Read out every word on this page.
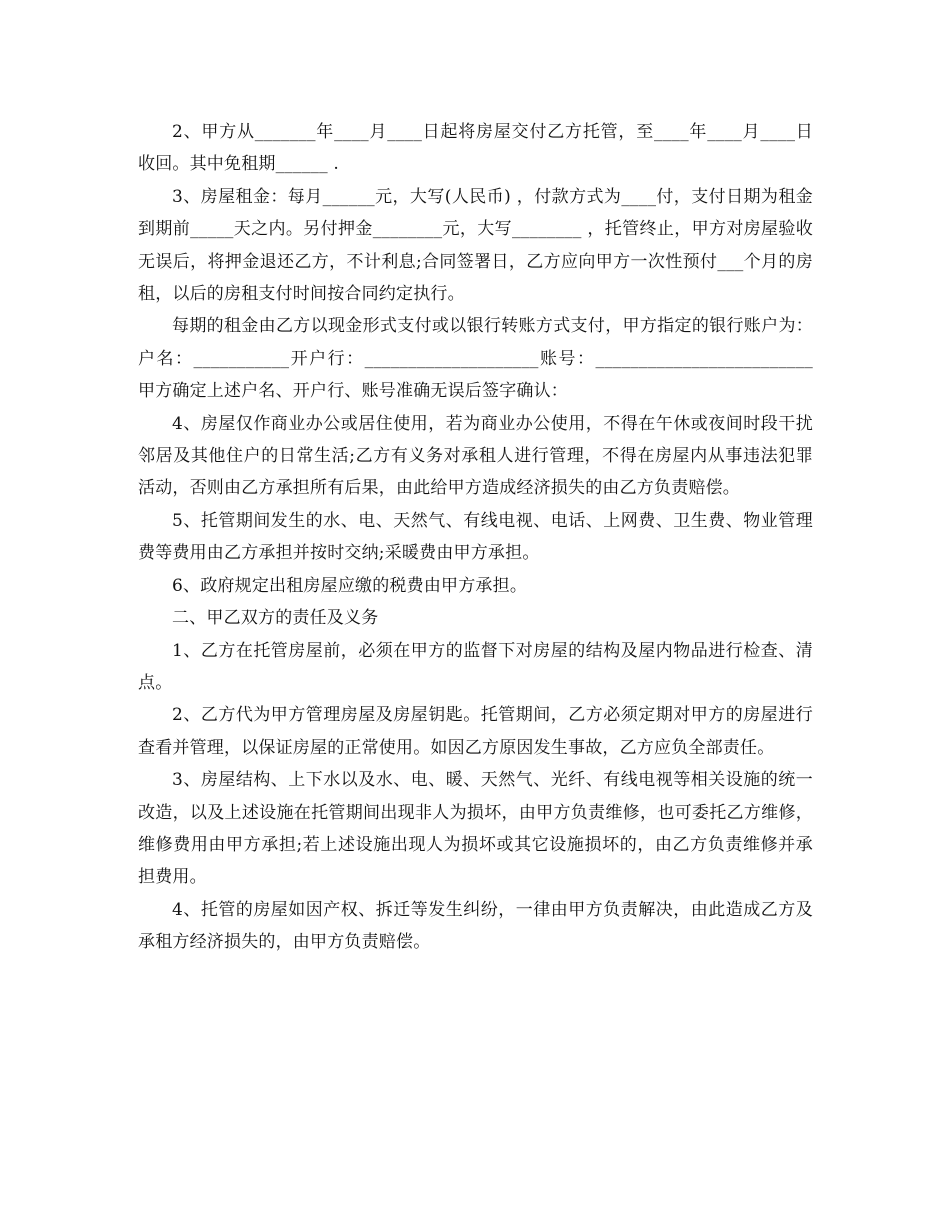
2、甲方从_______年____月____日起将房屋交付乙方托管，至____年____月____日收回。其中免租期______ .

3、房屋租金：每月______元，大写(人民币) ，付款方式为____付，支付日期为租金到期前_____天之内。另付押金________元，大写________ ，托管终止，甲方对房屋验收无误后，将押金退还乙方，不计利息;合同签署日，乙方应向甲方一次性预付___个月的房租，以后的房租支付时间按合同约定执行。

每期的租金由乙方以现金形式支付或以银行转账方式支付，甲方指定的银行账户为： 户名：___________开户行：____________________账号：_________________________ 甲方确定上述户名、开户行、账号准确无误后签字确认：

4、房屋仅作商业办公或居住使用，若为商业办公使用，不得在午休或夜间时段干扰邻居及其他住户的日常生活;乙方有义务对承租人进行管理，不得在房屋内从事违法犯罪活动，否则由乙方承担所有后果，由此给甲方造成经济损失的由乙方负责赔偿。

5、托管期间发生的水、电、天然气、有线电视、电话、上网费、卫生费、物业管理费等费用由乙方承担并按时交纳;采暖费由甲方承担。

6、政府规定出租房屋应缴的税费由甲方承担。

二、甲乙双方的责任及义务

1、乙方在托管房屋前，必须在甲方的监督下对房屋的结构及屋内物品进行检查、清点。

2、乙方代为甲方管理房屋及房屋钥匙。托管期间，乙方必须定期对甲方的房屋进行查看并管理，以保证房屋的正常使用。如因乙方原因发生事故，乙方应负全部责任。

3、房屋结构、上下水以及水、电、暖、天然气、光纤、有线电视等相关设施的统一改造，以及上述设施在托管期间出现非人为损坏，由甲方负责维修，也可委托乙方维修，维修费用由甲方承担;若上述设施出现人为损坏或其它设施损坏的，由乙方负责维修并承担费用。

4、托管的房屋如因产权、拆迁等发生纠纷，一律由甲方负责解决，由此造成乙方及承租方经济损失的，由甲方负责赔偿。
